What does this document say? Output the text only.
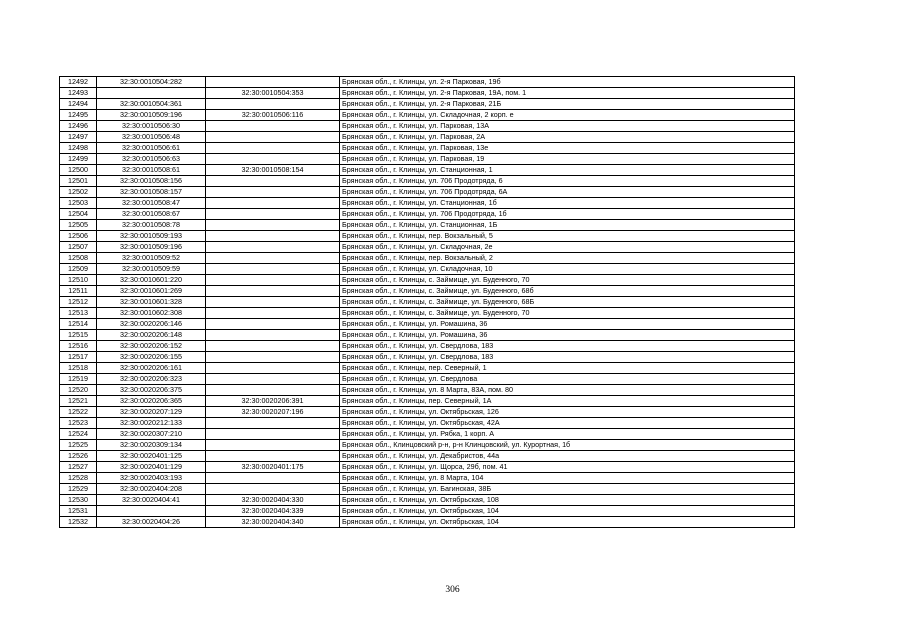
12492	32:30:0010504:282		Брянская обл., г. Клинцы, ул. 2-я Парковая, 19б
12493		32:30:0010504:353	Брянская обл., г. Клинцы, ул. 2-я Парковая, 19А, пом. 1
12494	32:30:0010504:361		Брянская обл., г. Клинцы, ул. 2-я Парковая, 21Б
12495	32:30:0010509:196	32:30:0010506:116	Брянская обл., г. Клинцы, ул. Складочная, 2 корп. е
12496	32:30:0010506:30		Брянская обл., г. Клинцы, ул. Парковая, 13А
12497	32:30:0010506:48		Брянская обл., г. Клинцы, ул. Парковая, 2А
12498	32:30:0010506:61		Брянская обл., г. Клинцы, ул. Парковая, 13е
12499	32:30:0010506:63		Брянская обл., г. Клинцы, ул. Парковая, 19
12500	32:30:0010508:61	32:30:0010508:154	Брянская обл., г. Клинцы, ул. Станционная, 1
12501	32:30:0010508:156		Брянская обл., г. Клинцы, ул. 706 Продотряда, 6
12502	32:30:0010508:157		Брянская обл., г. Клинцы, ул. 706 Продотряда, 6А
12503	32:30:0010508:47		Брянская обл., г. Клинцы, ул. Станционная, 1б
12504	32:30:0010508:67		Брянская обл., г. Клинцы, ул. 706 Продотряда, 1б
12505	32:30:0010508:78		Брянская обл., г. Клинцы, ул. Станционная, 1Б
12506	32:30:0010509:193		Брянская обл., г. Клинцы, пер. Вокзальный, 5
12507	32:30:0010509:196		Брянская обл., г. Клинцы, ул. Складочная, 2е
12508	32:30:0010509:52		Брянская обл., г. Клинцы, пер. Вокзальный, 2
12509	32:30:0010509:59		Брянская обл., г. Клинцы, ул. Складочная, 10
12510	32:30:0010601:220		Брянская обл., г. Клинцы, с. Займище, ул. Буденного, 70
12511	32:30:0010601:269		Брянская обл., г. Клинцы, с. Займище, ул. Буденного, 68б
12512	32:30:0010601:328		Брянская обл., г. Клинцы, с. Займище, ул. Буденного, 68Б
12513	32:30:0010602:308		Брянская обл., г. Клинцы, с. Займище, ул. Буденного, 70
12514	32:30:0020206:146		Брянская обл., г. Клинцы, ул. Ромашина, 36
12515	32:30:0020206:148		Брянская обл., г. Клинцы, ул. Ромашина, 36
12516	32:30:0020206:152		Брянская обл., г. Клинцы, ул. Свердлова, 183
12517	32:30:0020206:155		Брянская обл., г. Клинцы, ул. Свердлова, 183
12518	32:30:0020206:161		Брянская обл., г. Клинцы, пер. Северный, 1
12519	32:30:0020206:323		Брянская обл., г. Клинцы, ул. Свердлова
12520	32:30:0020206:375		Брянская обл., г. Клинцы, ул. 8 Марта, 83А, пом. 80
12521	32:30:0020206:365	32:30:0020206:391	Брянская обл., г. Клинцы, пер. Северный, 1А
12522	32:30:0020207:129	32:30:0020207:196	Брянская обл., г. Клинцы, ул. Октябрьская, 126
12523	32:30:0020212:133		Брянская обл., г. Клинцы, ул. Октябрьская, 42А
12524	32:30:0020307:210		Брянская обл., г. Клинцы, ул. Рябка, 1 корп. А
12525	32:30:0020309:134		Брянская обл., Клинцовский р-н, р-н Клинцовский, ул. Курортная, 1б
12526	32:30:0020401:125		Брянская обл., г. Клинцы, ул. Декабристов, 44а
12527	32:30:0020401:129	32:30:0020401:175	Брянская обл., г. Клинцы, ул. Щорса, 29б, пом. 41
12528	32:30:0020403:193		Брянская обл., г. Клинцы, ул. 8 Марта, 104
12529	32:30:0020404:208		Брянская обл., г. Клинцы, ул. Багинская, 38Б
12530	32:30:0020404:41	32:30:0020404:330	Брянская обл., г. Клинцы, ул. Октябрьская, 108
12531		32:30:0020404:339	Брянская обл., г. Клинцы, ул. Октябрьская, 104
12532	32:30:0020404:26	32:30:0020404:340	Брянская обл., г. Клинцы, ул. Октябрьская, 104
306
